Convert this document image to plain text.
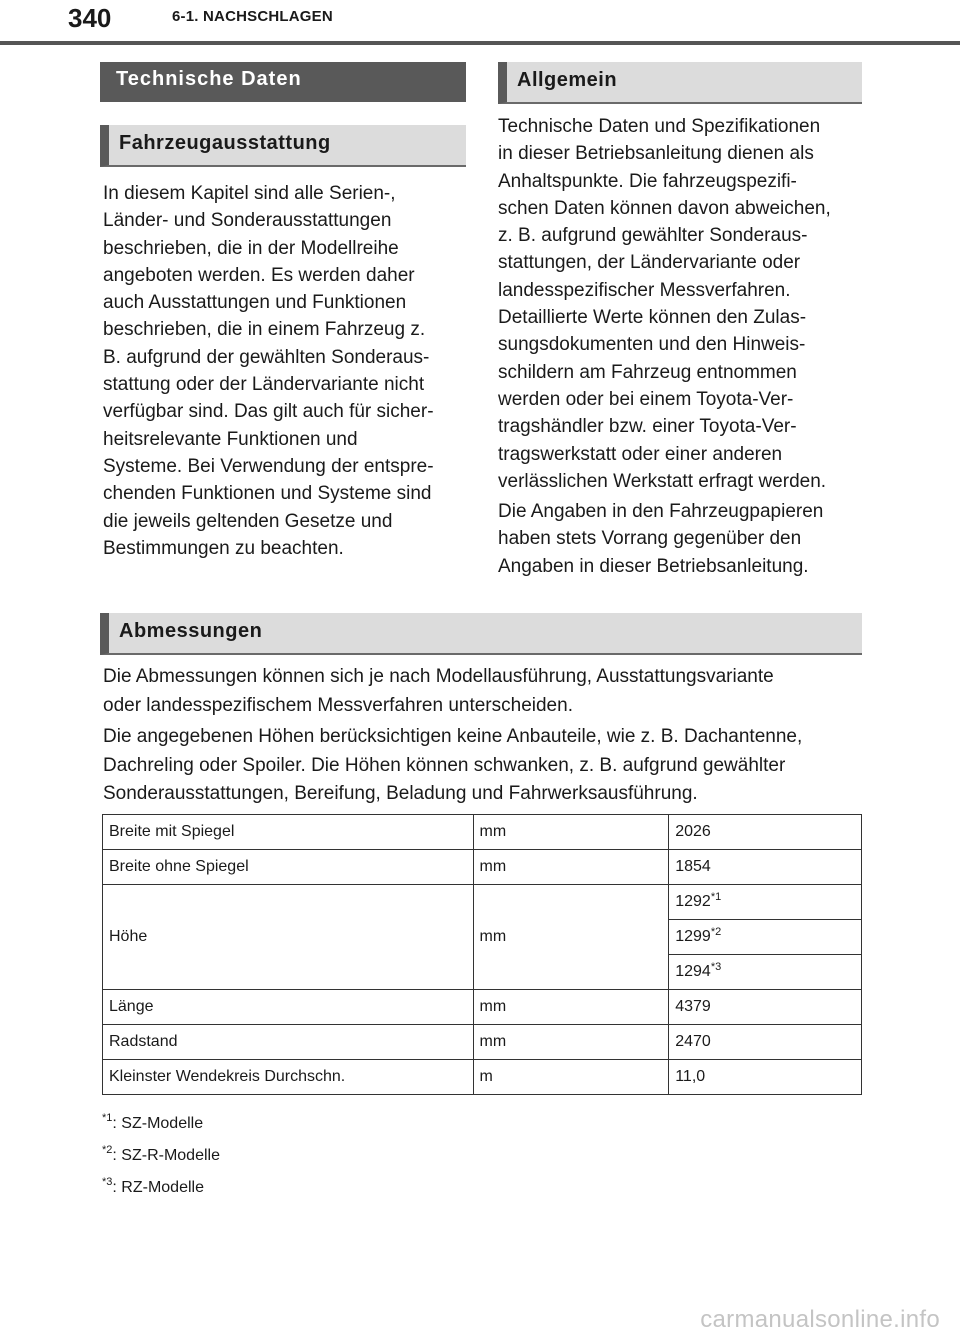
340	6-1. NACHSCHLAGEN
Technische Daten
Fahrzeugausstattung
In diesem Kapitel sind alle Serien-,
Länder- und Sonderausstattungen
beschrieben, die in der Modellreihe
angeboten werden. Es werden daher
auch Ausstattungen und Funktionen
beschrieben, die in einem Fahrzeug z.
B. aufgrund der gewählten Sonderaus-
stattung oder der Ländervariante nicht
verfügbar sind. Das gilt auch für sicher-
heitsrelevante Funktionen und
Systeme. Bei Verwendung der entspre-
chenden Funktionen und Systeme sind
die jeweils geltenden Gesetze und
Bestimmungen zu beachten.
Allgemein
Technische Daten und Spezifikationen
in dieser Betriebsanleitung dienen als
Anhaltspunkte. Die fahrzeugspezifi-
schen Daten können davon abweichen,
z. B. aufgrund gewählter Sonderaus-
stattungen, der Ländervariante oder
landesspezifischer Messverfahren.
Detaillierte Werte können den Zulas-
sungsdokumenten und den Hinweis-
schildern am Fahrzeug entnommen
werden oder bei einem Toyota-Ver-
tragshändler bzw. einer Toyota-Ver-
tragswerkstatt oder einer anderen
verlässlichen Werkstatt erfragt werden.
Die Angaben in den Fahrzeugpapieren
haben stets Vorrang gegenüber den
Angaben in dieser Betriebsanleitung.
Abmessungen
Die Abmessungen können sich je nach Modellausführung, Ausstattungsvariante
oder landesspezifischem Messverfahren unterscheiden.
Die angegebenen Höhen berücksichtigen keine Anbauteile, wie z. B. Dachantenne,
Dachreling oder Spoiler. Die Höhen können schwanken, z. B. aufgrund gewählter
Sonderausstattungen, Bereifung, Beladung und Fahrwerksausführung.
Breite mit Spiegel	mm	2026
Breite ohne Spiegel	mm	1854
Höhe	mm	1292$^{*1}$
		1299$^{*2}$
		1294$^{*3}$
Länge	mm	4379
Radstand	mm	2470
Kleinster Wendekreis Durchschn.	m	11,0
$^{*1}$: SZ-Modelle
$^{*2}$: SZ-R-Modelle
$^{*3}$: RZ-Modelle
carmanualsonline.info
